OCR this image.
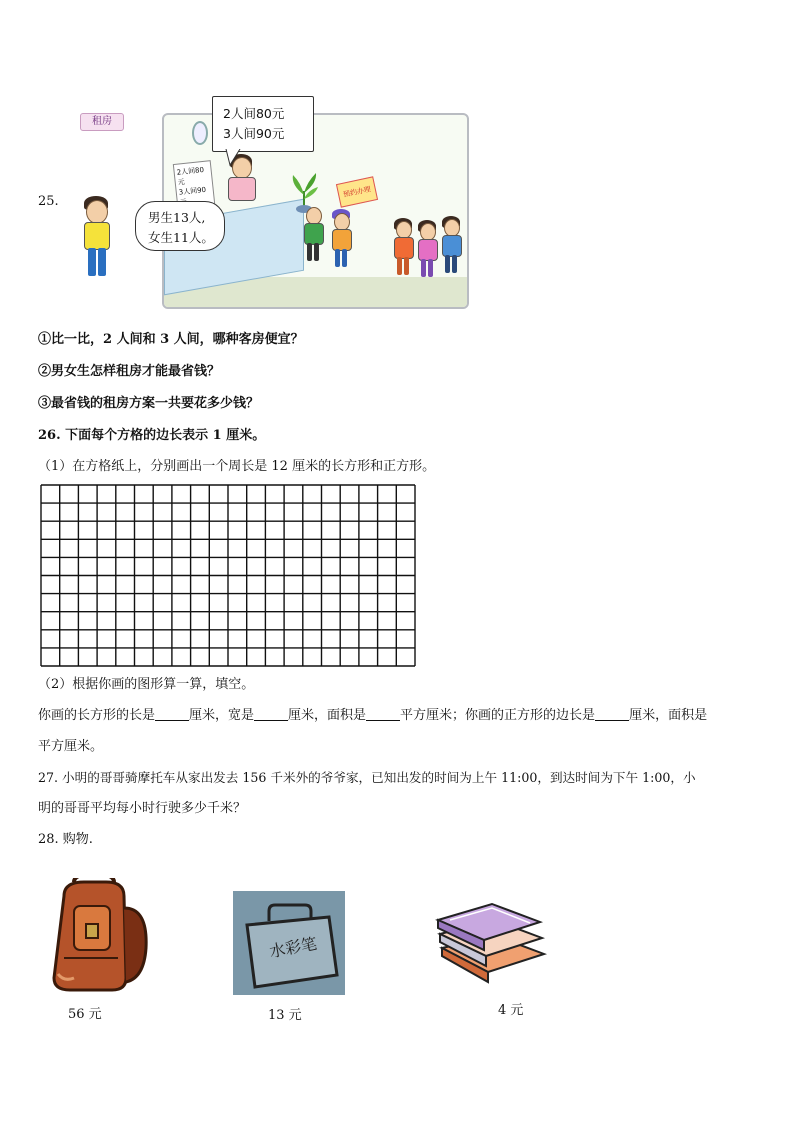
25.
租房
2人间80元
3人间90元
2人间80元
3人间90元
预约办理
男生13人,
女生11人。
①比一比，2 人间和 3 人间，哪种客房便宜？
②男女生怎样租房才能最省钱？
③最省钱的租房方案一共要花多少钱？
26. 下面每个方格的边长表示 1 厘米。
（1）在方格纸上，分别画出一个周长是 12 厘米的长方形和正方形。
（2）根据你画的图形算一算，填空。
你画的长方形的长是	厘米，宽是	厘米，面积是	平方厘米；你画的正方形的边长是	厘米，面积是
平方厘米。
27. 小明的哥哥骑摩托车从家出发去 156 千米外的爷爷家，已知出发的时间为上午 11:00，到达时间为下午 1:00，小
明的哥哥平均每小时行驶多少千米？
28. 购物.
56 元
水彩笔
13 元	4 元
